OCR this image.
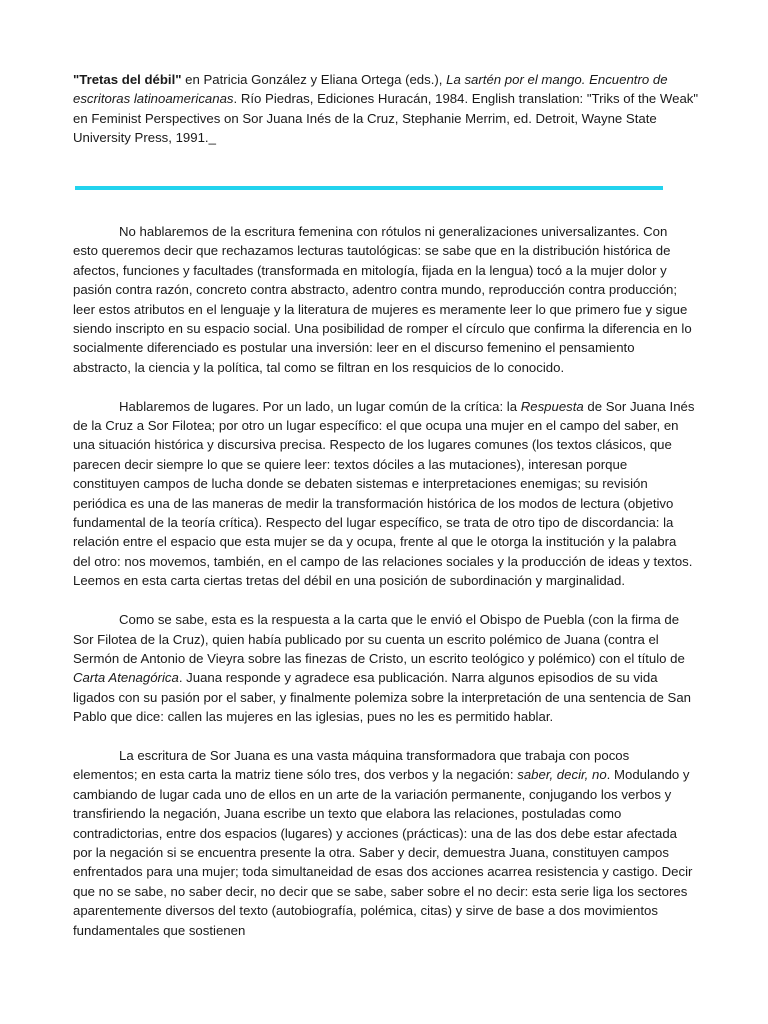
"Tretas del débil" en Patricia González y Eliana Ortega (eds.), La sartén por el mango. Encuentro de escritoras latinoamericanas. Río Piedras, Ediciones Huracán, 1984. English translation: "Triks of the Weak" en Feminist Perspectives on Sor Juana Inés de la Cruz, Stephanie Merrim, ed. Detroit, Wayne State University Press, 1991._

No hablaremos de la escritura femenina con rótulos ni generalizaciones universalizantes. Con esto queremos decir que rechazamos lecturas tautológicas: se sabe que en la distribución histórica de afectos, funciones y facultades (transformada en mitología, fijada en la lengua) tocó a la mujer dolor y pasión contra razón, concreto contra abstracto, adentro contra mundo, reproducción contra producción; leer estos atributos en el lenguaje y la literatura de mujeres es meramente leer lo que primero fue y sigue siendo inscripto en su espacio social. Una posibilidad de romper el círculo que confirma la diferencia en lo socialmente diferenciado es postular una inversión: leer en el discurso femenino el pensamiento abstracto, la ciencia y la política, tal como se filtran en los resquicios de lo conocido.

Hablaremos de lugares. Por un lado, un lugar común de la crítica: la Respuesta de Sor Juana Inés de la Cruz a Sor Filotea; por otro un lugar específico: el que ocupa una mujer en el campo del saber, en una situación histórica y discursiva precisa. Respecto de los lugares comunes (los textos clásicos, que parecen decir siempre lo que se quiere leer: textos dóciles a las mutaciones), interesan porque constituyen campos de lucha donde se debaten sistemas e interpretaciones enemigas; su revisión periódica es una de las maneras de medir la transformación histórica de los modos de lectura (objetivo fundamental de la teoría crítica). Respecto del lugar específico, se trata de otro tipo de discordancia: la relación entre el espacio que esta mujer se da y ocupa, frente al que le otorga la institución y la palabra del otro: nos movemos, también, en el campo de las relaciones sociales y la producción de ideas y textos. Leemos en esta carta ciertas tretas del débil en una posición de subordinación y marginalidad.

Como se sabe, esta es la respuesta a la carta que le envió el Obispo de Puebla (con la firma de Sor Filotea de la Cruz), quien había publicado por su cuenta un escrito polémico de Juana (contra el Sermón de Antonio de Vieyra sobre las finezas de Cristo, un escrito teológico y polémico) con el título de Carta Atenagórica. Juana responde y agradece esa publicación. Narra algunos episodios de su vida ligados con su pasión por el saber, y finalmente polemiza sobre la interpretación de una sentencia de San Pablo que dice: callen las mujeres en las iglesias, pues no les es permitido hablar.

La escritura de Sor Juana es una vasta máquina transformadora que trabaja con pocos elementos; en esta carta la matriz tiene sólo tres, dos verbos y la negación: saber, decir, no. Modulando y cambiando de lugar cada uno de ellos en un arte de la variación permanente, conjugando los verbos y transfiriendo la negación, Juana escribe un texto que elabora las relaciones, postuladas como contradictorias, entre dos espacios (lugares) y acciones (prácticas): una de las dos debe estar afectada por la negación si se encuentra presente la otra. Saber y decir, demuestra Juana, constituyen campos enfrentados para una mujer; toda simultaneidad de esas dos acciones acarrea resistencia y castigo. Decir que no se sabe, no saber decir, no decir que se sabe, saber sobre el no decir: esta serie liga los sectores aparentemente diversos del texto (autobiografía, polémica, citas) y sirve de base a dos movimientos fundamentales que sostienen
